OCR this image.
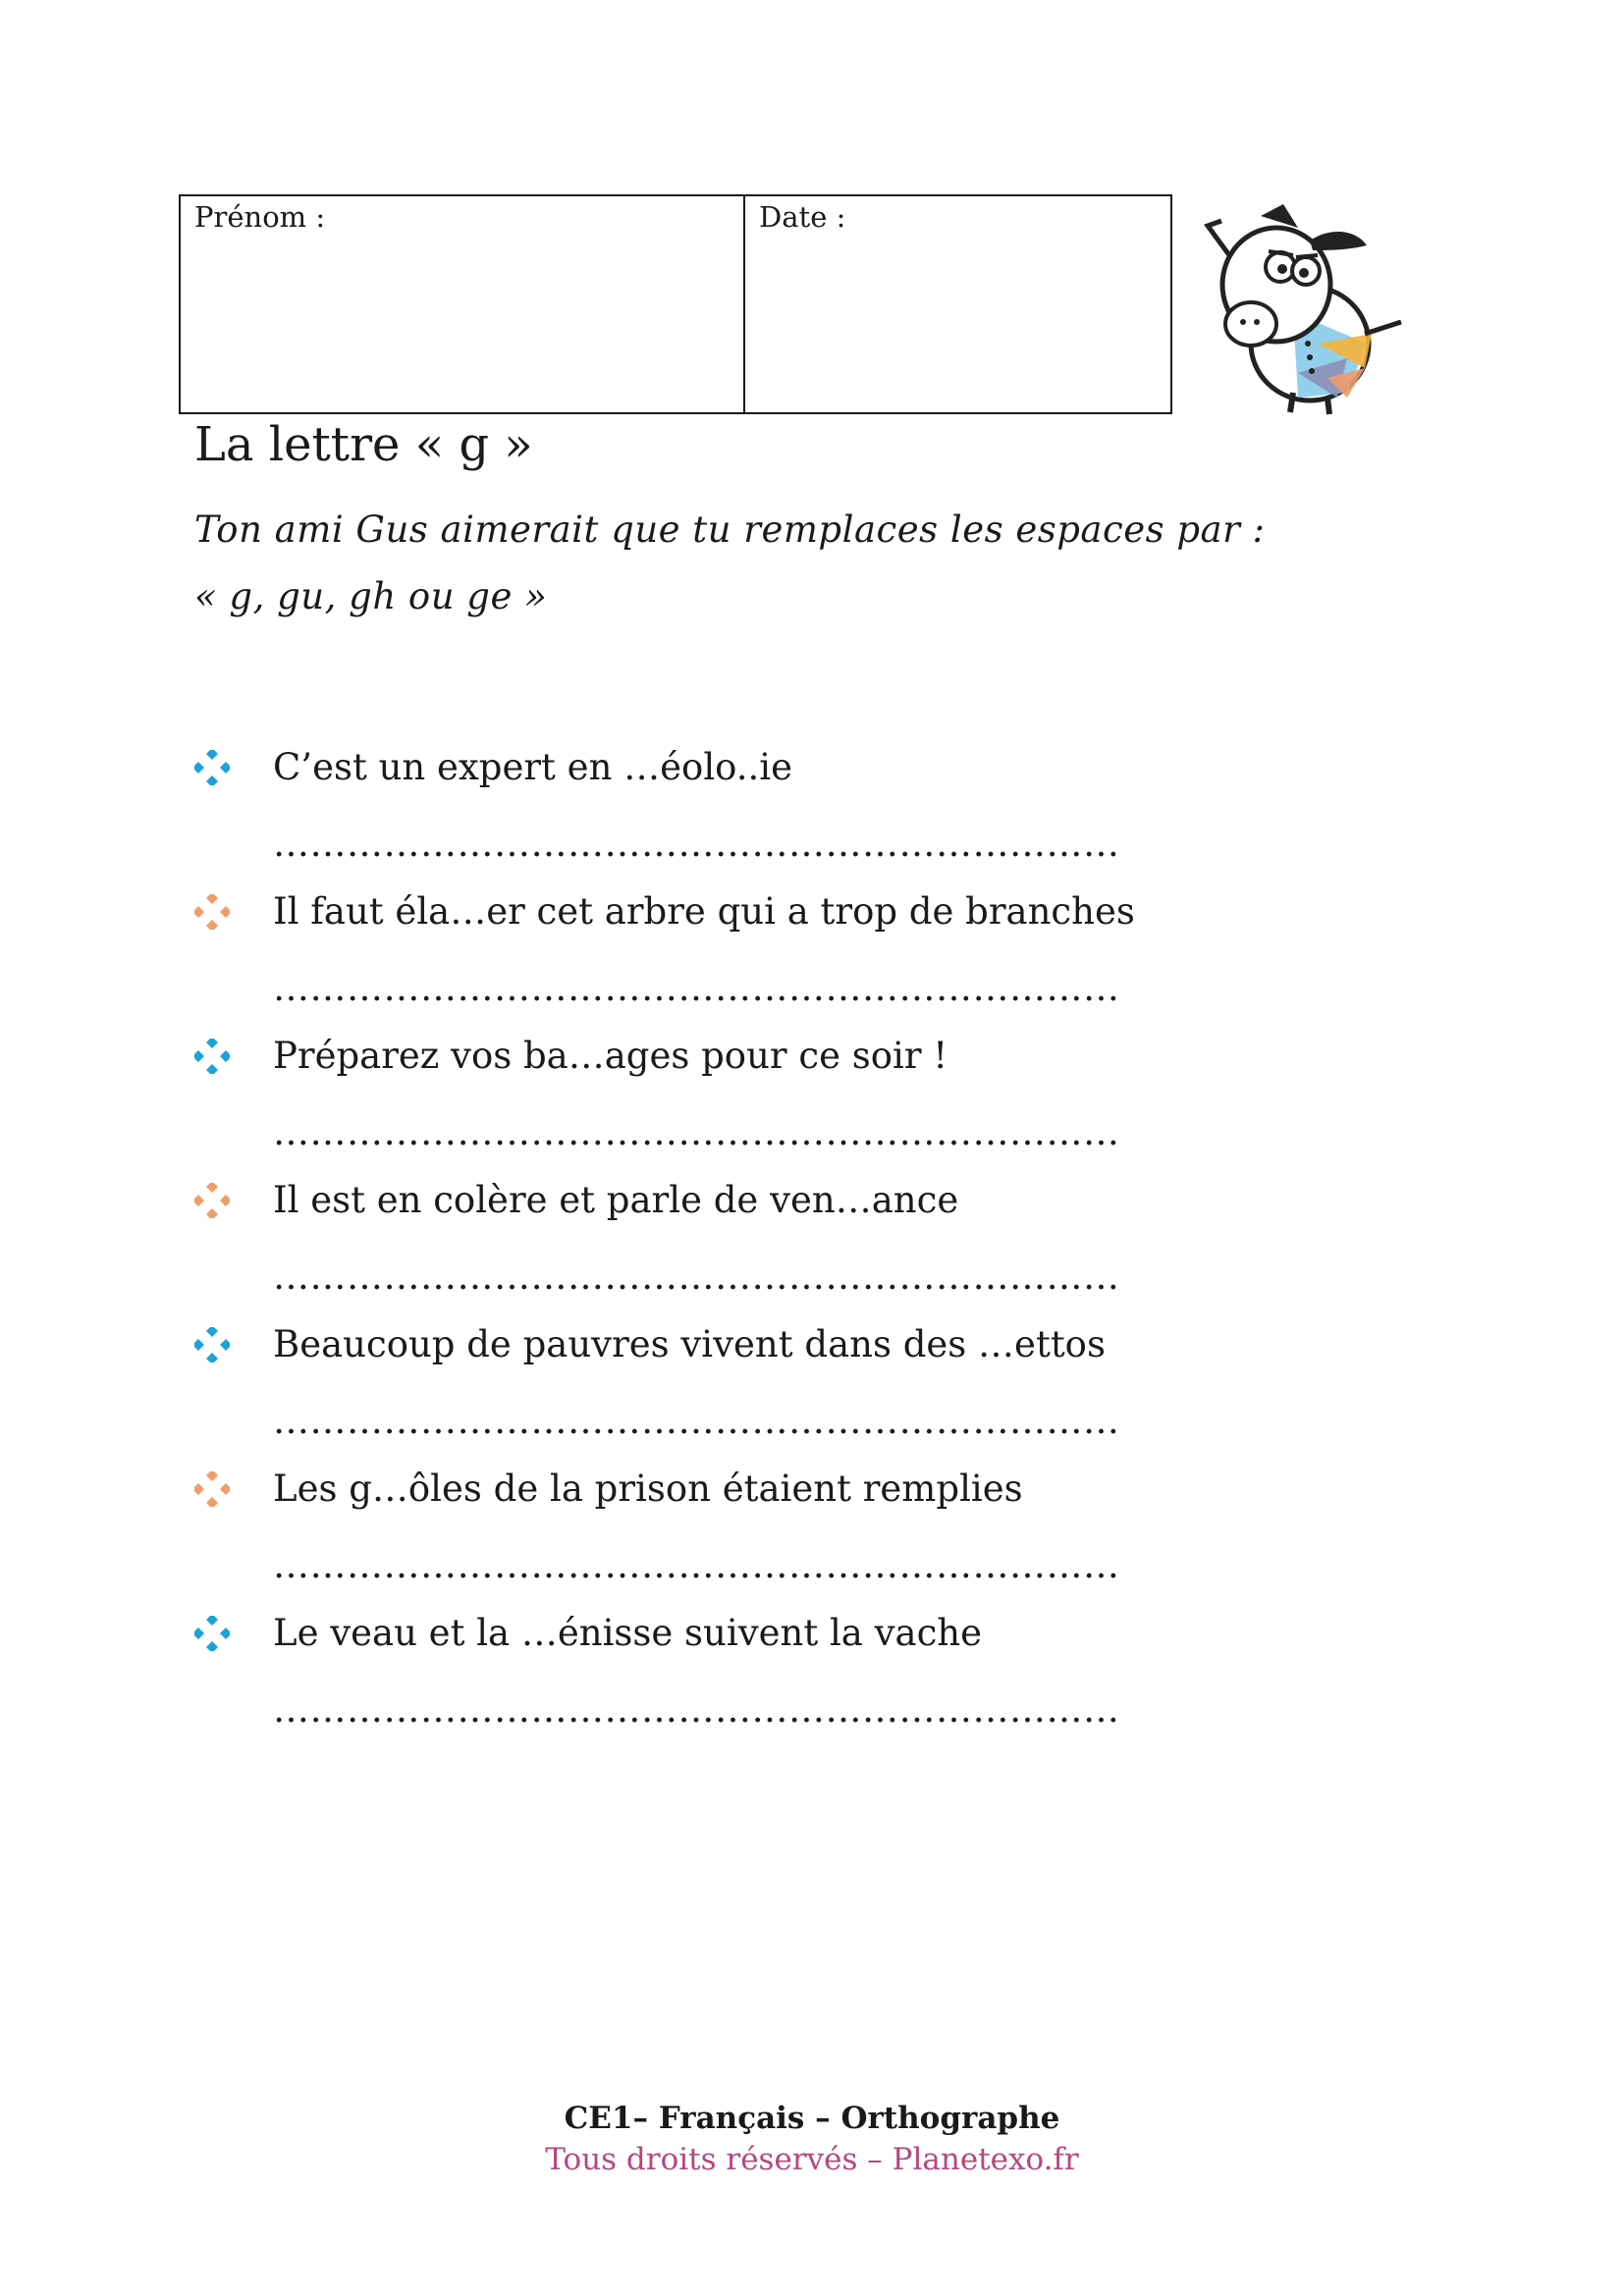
Prénom :	Date :
La lettre « g »
Ton ami Gus aimerait que tu remplaces les espaces par :
« g, gu, gh ou ge »
C’est un expert en …éolo..ie
……………………………………………………………
Il faut éla…er cet arbre qui a trop de branches
……………………………………………………………
Préparez vos ba…ages pour ce soir !
……………………………………………………………
Il est en colère et parle de ven…ance
……………………………………………………………
Beaucoup de pauvres vivent dans des …ettos
……………………………………………………………
Les g…ôles de la prison étaient remplies
……………………………………………………………
Le veau et la …énisse suivent la vache
……………………………………………………………
CE1– Français – Orthographe
Tous droits réservés – Planetexo.fr
